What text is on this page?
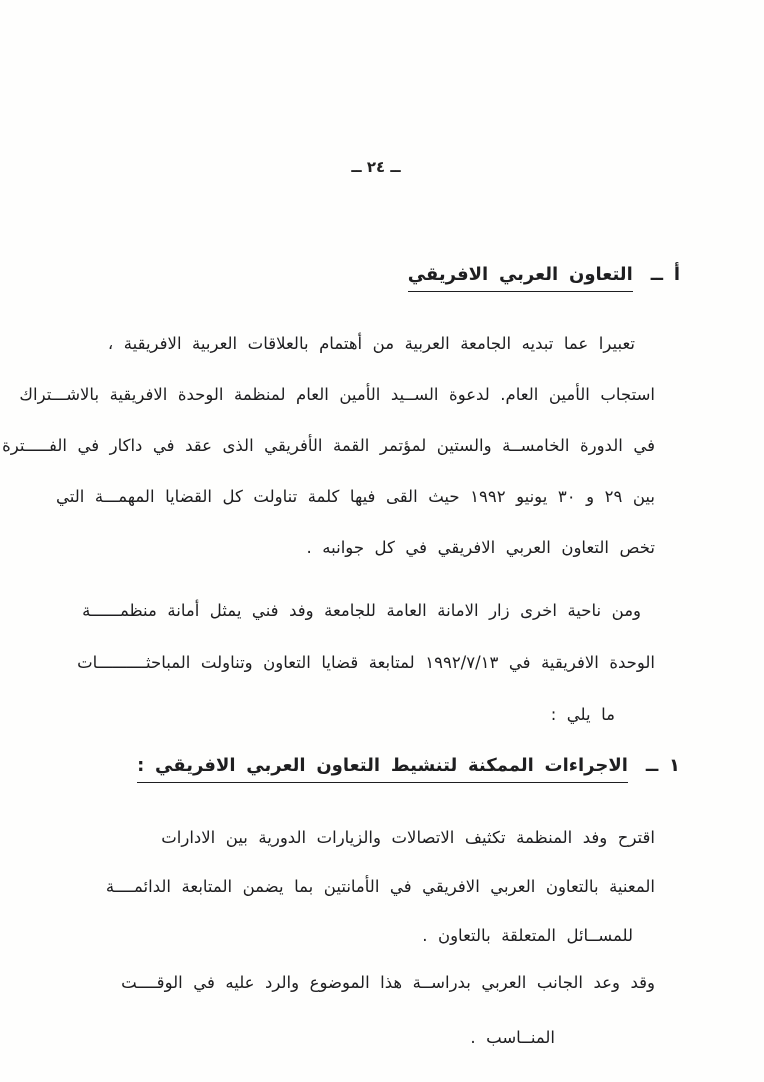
ــ ٢٤ ــ
أ ــالتعاون العربي الافريقي
تعبيرا عما تبديه الجامعة العربية من أهتمام بالعلاقات العربية الافريقية ،
استجاب الأمين العام. لدعوة الســيد الأمين العام لمنظمة الوحدة الافريقية بالاشـــتراك
في الدورة الخامســة والستين لمؤتمر القمة الأفريقي الذى عقد في داكار في الفـــــترة
بين ٢٩ و ٣٠ يونيو ١٩٩٢ حيث القى فيها كلمة تناولت كل القضايا المهمـــة التي
تخص التعاون العربي الافريقي في كل جوانبه .
ومن ناحية اخرى زار الامانة العامة للجامعة وفد فني يمثل أمانة منظمــــــة
الوحدة الافريقية في ١٩٩٢/٧/١٣ لمتابعة قضايا التعاون وتناولت المباحثــــــــــات
ما يلي :
١ ــالاجراءات الممكنة لتنشيط التعاون العربي الافريقي :
اقترح وفد المنظمة تكثيف الاتصالات والزيارات الدورية بين الادارات
المعنية بالتعاون العربي الافريقي في الأمانتين بما يضمن المتابعة الدائمــــة
للمســائل المتعلقة بالتعاون .
وقد وعد الجانب العربي بدراســة هذا الموضوع والرد عليه في الوقــــت
المنــاسب .
